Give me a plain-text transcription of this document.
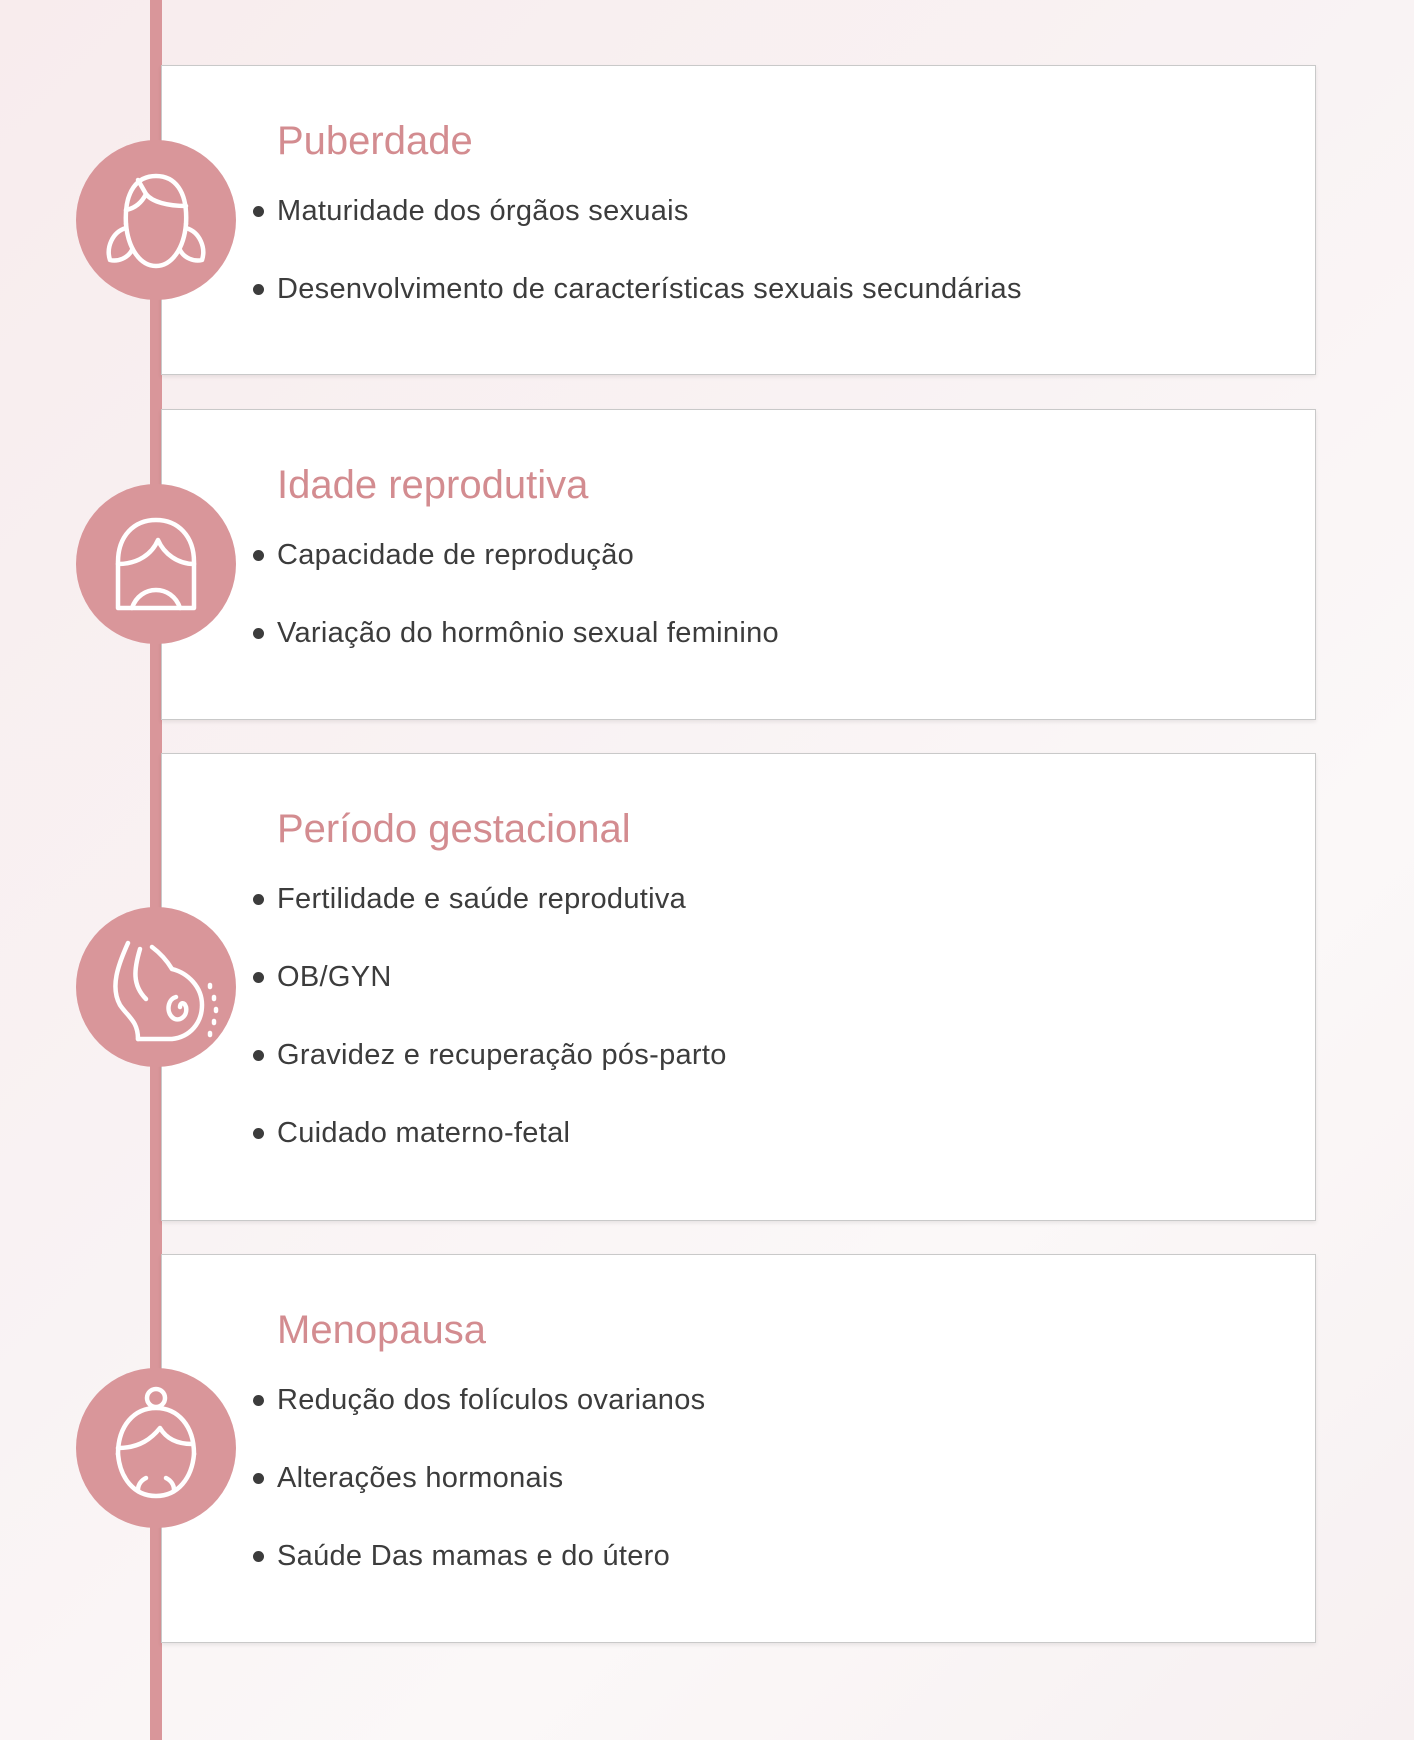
Puberdade
Maturidade dos órgãos sexuais
Desenvolvimento de características sexuais secundárias
Idade reprodutiva
Capacidade de reprodução
Variação do hormônio sexual feminino
Período gestacional
Fertilidade e saúde reprodutiva
OB/GYN
Gravidez e recuperação pós-parto
Cuidado materno-fetal
Menopausa
Redução dos folículos ovarianos
Alterações hormonais
Saúde Das mamas e do útero
